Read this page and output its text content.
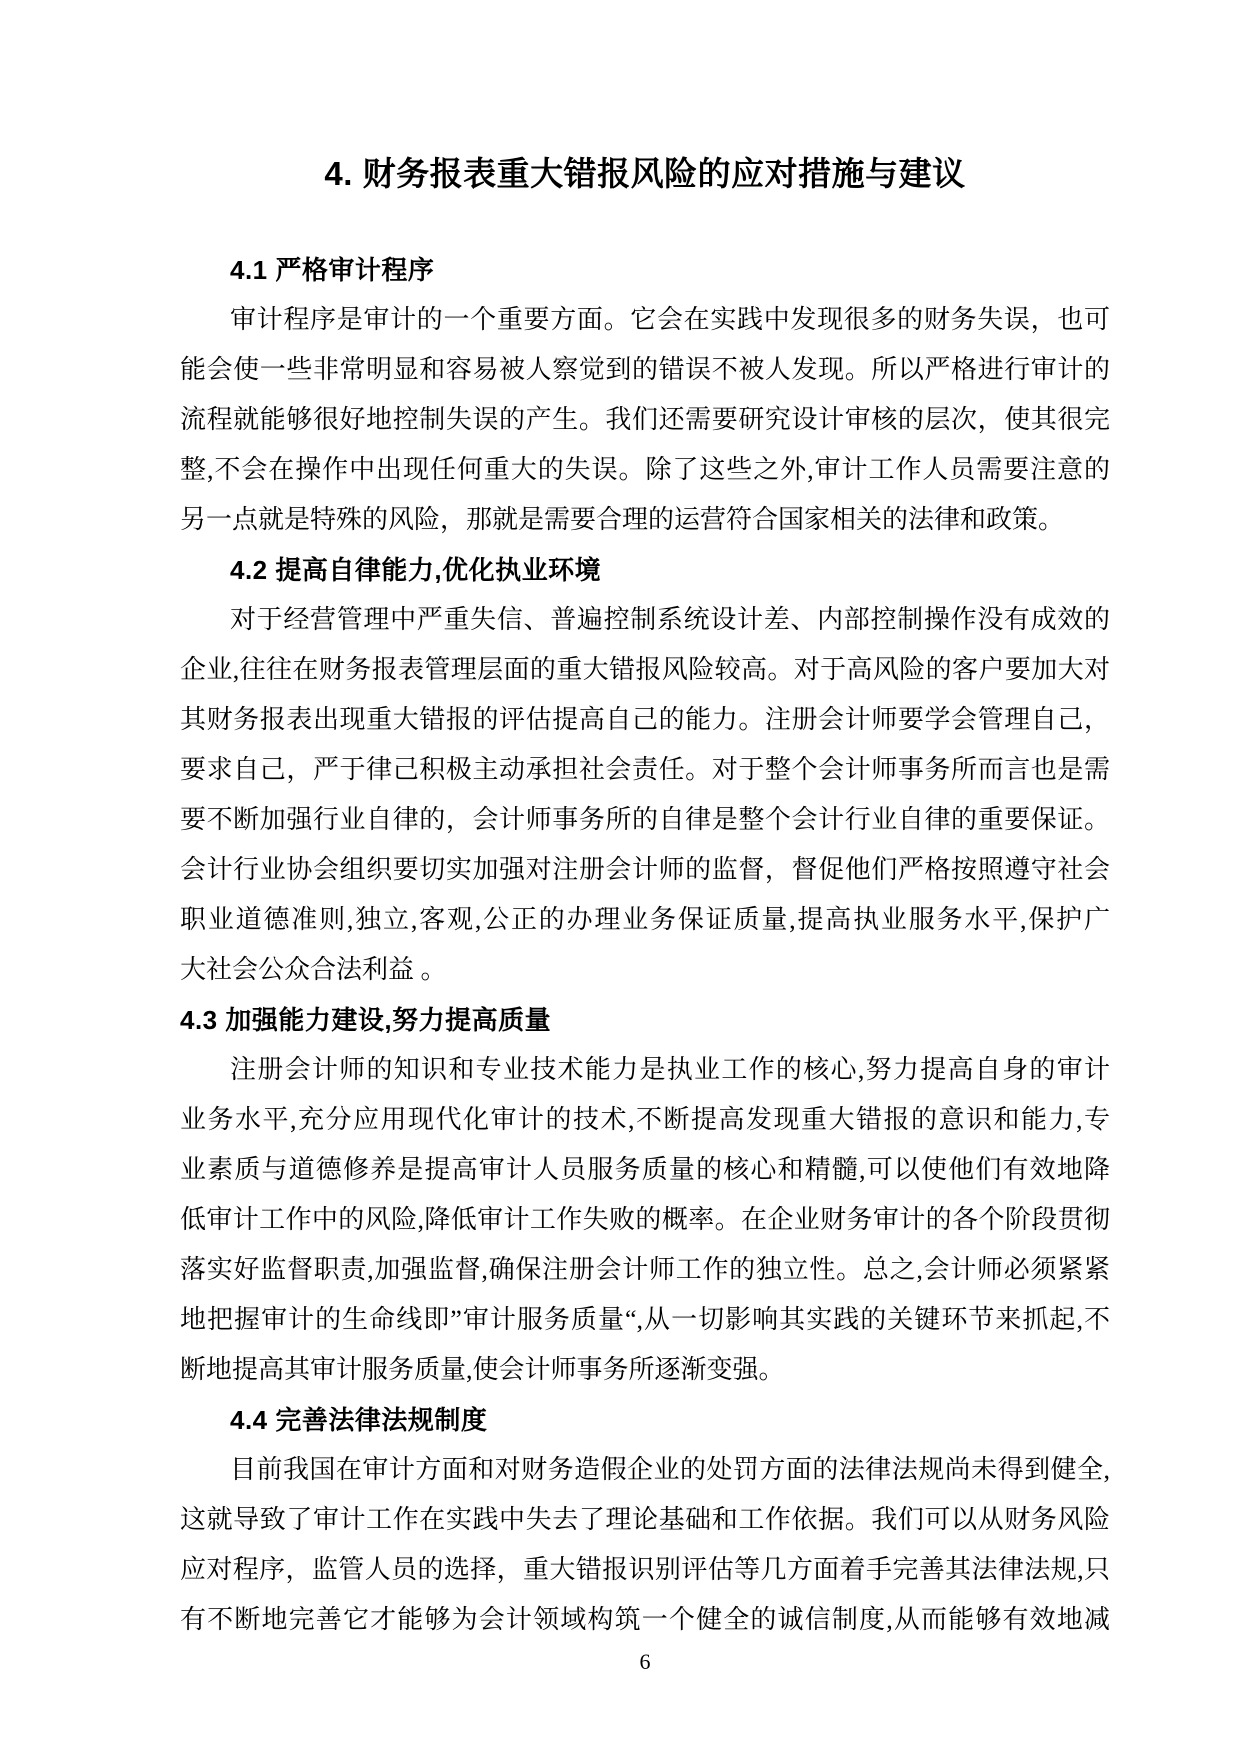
4. 财务报表重大错报风险的应对措施与建议
4.1 严格审计程序
审计程序是审计的一个重要方面。它会在实践中发现很多的财务失误，也可
能会使一些非常明显和容易被人察觉到的错误不被人发现。所以严格进行审计的
流程就能够很好地控制失误的产生。我们还需要研究设计审核的层次，使其很完
整,不会在操作中出现任何重大的失误。除了这些之外,审计工作人员需要注意的
另一点就是特殊的风险，那就是需要合理的运营符合国家相关的法律和政策。
4.2 提高自律能力,优化执业环境
对于经营管理中严重失信、普遍控制系统设计差、内部控制操作没有成效的
企业,往往在财务报表管理层面的重大错报风险较高。对于高风险的客户要加大对
其财务报表出现重大错报的评估提高自己的能力。注册会计师要学会管理自己，
要求自己，严于律己积极主动承担社会责任。对于整个会计师事务所而言也是需
要不断加强行业自律的，会计师事务所的自律是整个会计行业自律的重要保证。
会计行业协会组织要切实加强对注册会计师的监督，督促他们严格按照遵守社会
职业道德准则,独立,客观,公正的办理业务保证质量,提高执业服务水平,保护广
大社会公众合法利益 。
4.3 加强能力建设,努力提高质量
注册会计师的知识和专业技术能力是执业工作的核心,努力提高自身的审计
业务水平,充分应用现代化审计的技术,不断提高发现重大错报的意识和能力,专
业素质与道德修养是提高审计人员服务质量的核心和精髓,可以使他们有效地降
低审计工作中的风险,降低审计工作失败的概率。在企业财务审计的各个阶段贯彻
落实好监督职责,加强监督,确保注册会计师工作的独立性。总之,会计师必须紧紧
地把握审计的生命线即”审计服务质量“,从一切影响其实践的关键环节来抓起,不
断地提高其审计服务质量,使会计师事务所逐渐变强。
4.4 完善法律法规制度
目前我国在审计方面和对财务造假企业的处罚方面的法律法规尚未得到健全,
这就导致了审计工作在实践中失去了理论基础和工作依据。我们可以从财务风险
应对程序，监管人员的选择，重大错报识别评估等几方面着手完善其法律法规,只
有不断地完善它才能够为会计领域构筑一个健全的诚信制度,从而能够有效地减
6
